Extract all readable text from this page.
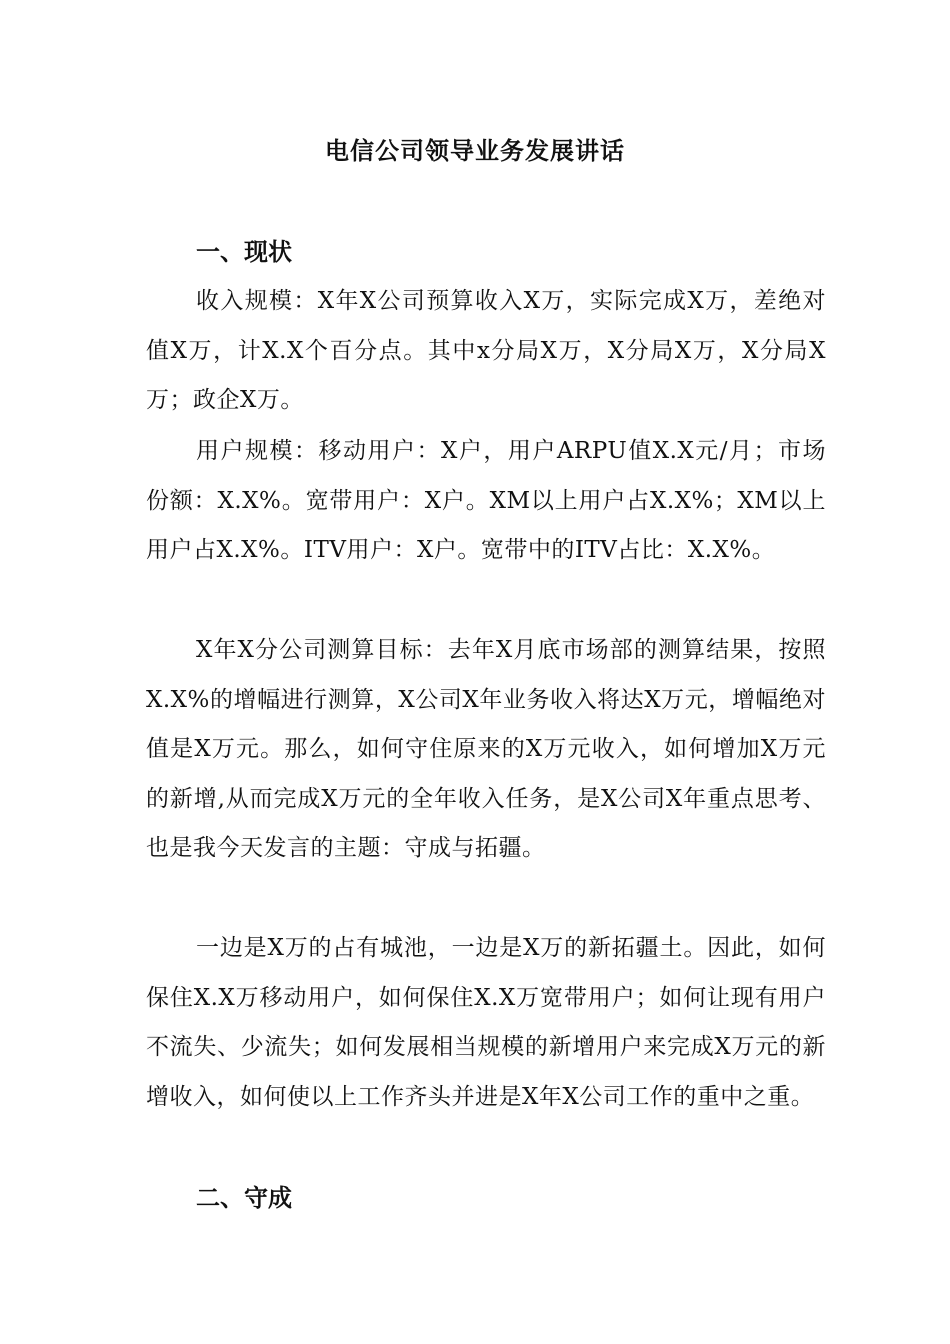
电信公司领导业务发展讲话
一、现状

收入规模：X年X公司预算收入X万，实际完成X万，差绝对值X万，计X.X个百分点。其中x分局X万，X分局X万，X分局X万；政企X万。

用户规模：移动用户：X户，用户ARPU值X.X元/月；市场份额：X.X%。宽带用户：X户。XM以上用户占X.X%；XM以上用户占X.X%。ITV用户：X户。宽带中的ITV占比：X.X%。

X年X分公司测算目标：去年X月底市场部的测算结果，按照X.X%的增幅进行测算，X公司X年业务收入将达X万元，增幅绝对值是X万元。那么，如何守住原来的X万元收入，如何增加X万元的新增,从而完成X万元的全年收入任务，是X公司X年重点思考、也是我今天发言的主题：守成与拓疆。

一边是X万的占有城池，一边是X万的新拓疆土。因此，如何保住X.X万移动用户，如何保住X.X万宽带用户；如何让现有用户不流失、少流失；如何发展相当规模的新增用户来完成X万元的新增收入，如何使以上工作齐头并进是X年X公司工作的重中之重。

二、守成
